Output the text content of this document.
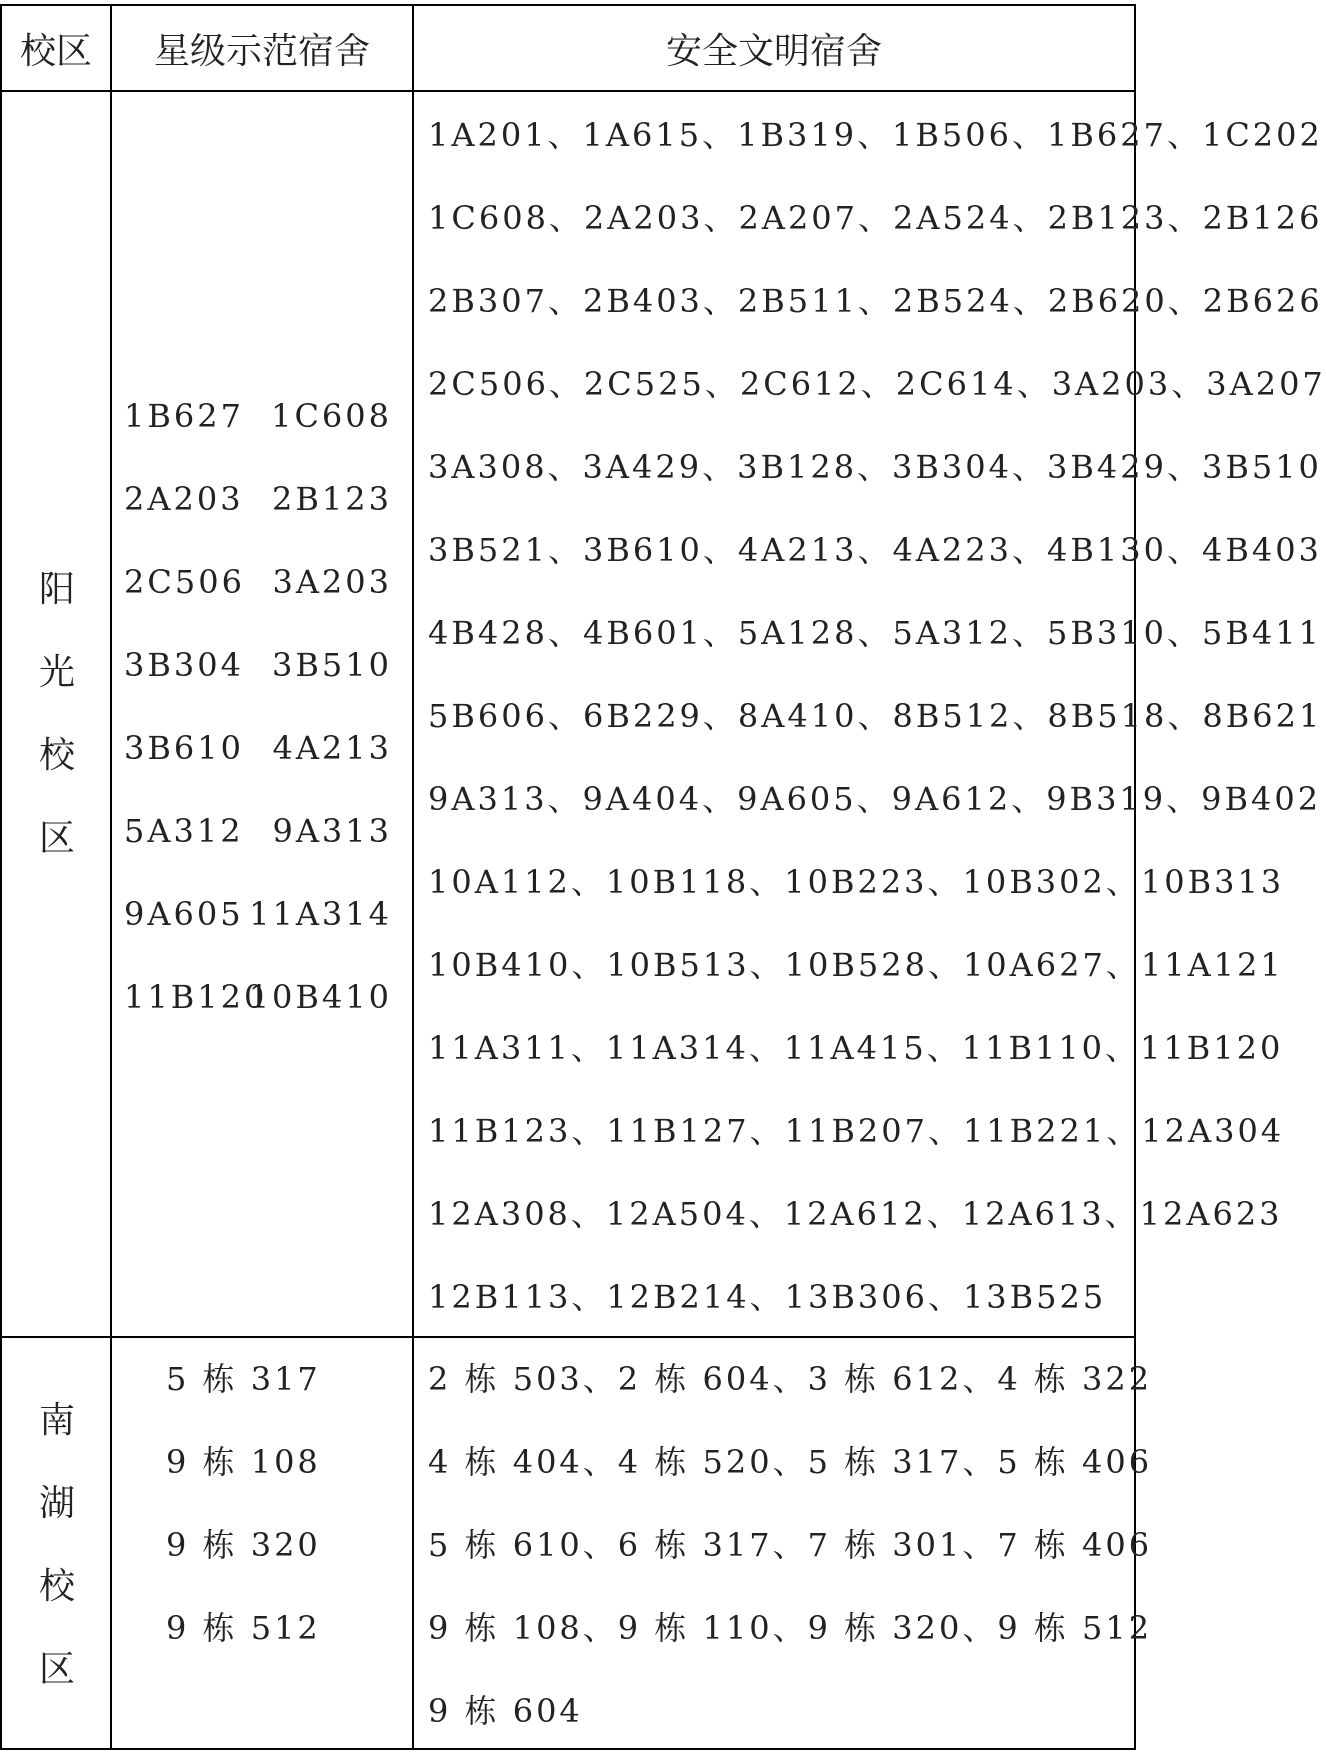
校区	星级示范宿舍	安全文明宿舍
阳
光
校
区
南
湖
校
区
1B627 1C608
2A203 2B123
2C506 3A203
3B304 3B510
3B610 4A213
5A312 9A313
9A605 11A314
11B120
10B410
1A201、1A615、1B319、1B506、1B627、1C202
1C608、2A203、2A207、2A524、2B123、2B126
2B307、2B403、2B511、2B524、2B620、2B626
2C506、2C525、2C612、2C614、3A203、3A207
3A308、3A429、3B128、3B304、3B429、3B510
3B521、3B610、4A213、4A223、4B130、4B403
4B428、4B601、5A128、5A312、5B310、5B411
5B606、6B229、8A410、8B512、8B518、8B621
9A313、9A404、9A605、9A612、9B319、9B402
10A112、10B118、10B223、10B302、10B313
10B410、10B513、10B528、10A627、11A121
11A311、11A314、11A415、11B110、11B120
11B123、11B127、11B207、11B221、12A304
12A308、12A504、12A612、12A613、12A623
12B113、12B214、13B306、13B525
5 栋 317
9 栋 108
9 栋 320
9 栋 512
2 栋 503、2 栋 604、3 栋 612、4 栋 322
4 栋 404、4 栋 520、5 栋 317、5 栋 406
5 栋 610、6 栋 317、7 栋 301、7 栋 406
9 栋 108、9 栋 110、9 栋 320、9 栋 512
9 栋 604
